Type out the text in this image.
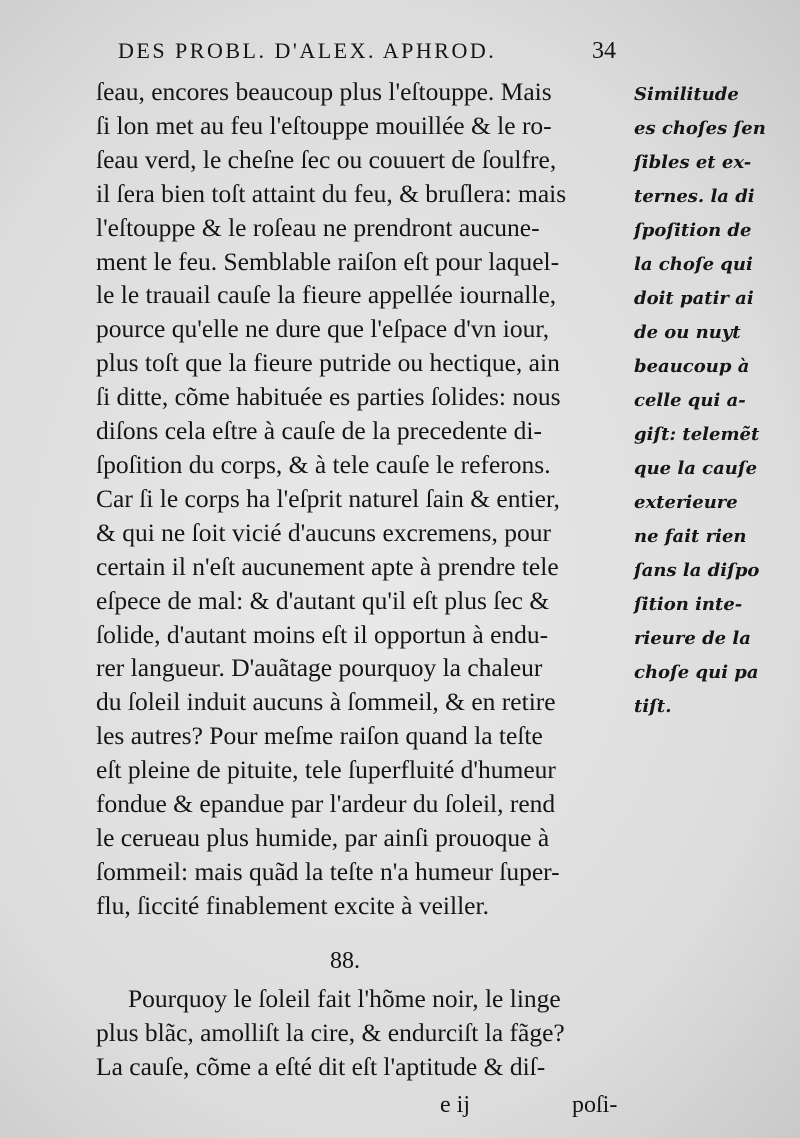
DES PROBL. D'ALEX. APHROD.	34
ſeau, encores beaucoup plus l'eſtouppe. Mais
ſi lon met au feu l'eſtouppe mouillée & le ro-
ſeau verd, le cheſne ſec ou couuert de ſoulfre,
il ſera bien toſt attaint du feu, & bruſlera: mais
l'eſtouppe & le roſeau ne prendront aucune-
ment le feu. Semblable raiſon eſt pour laquel-
le le trauail cauſe la fieure appellée iournalle,
pource qu'elle ne dure que l'eſpace d'vn iour,
plus toſt que la fieure putride ou hectique, ain
ſi ditte, cõme habituée es parties ſolides: nous
diſons cela eſtre à cauſe de la precedente di-
ſpoſition du corps, & à tele cauſe le referons.
Car ſi le corps ha l'eſprit naturel ſain & entier,
& qui ne ſoit vicié d'aucuns excremens, pour
certain il n'eſt aucunement apte à prendre tele
eſpece de mal: & d'autant qu'il eſt plus ſec &
ſolide, d'autant moins eſt il opportun à endu-
rer langueur. D'auãtage pourquoy la chaleur
du ſoleil induit aucuns à ſommeil, & en retire
les autres? Pour meſme raiſon quand la teſte
eſt pleine de pituite, tele ſuperfluité d'humeur
fondue & epandue par l'ardeur du ſoleil, rend
le cerueau plus humide, par ainſi prouoque à
ſommeil: mais quãd la teſte n'a humeur ſuper-
flu, ſiccité finablement excite à veiller.
Similitude
es choſes ſen
ſibles et ex-
ternes. la di
ſpoſition de
la choſe qui
doit patir ai
de ou nuyt
beaucoup à
celle qui a-
giſt: telemẽt
que la cauſe
exterieure
ne fait rien
ſans la diſpo
ſition inte-
rieure de la
choſe qui pa
tiſt.
88.
Pourquoy le ſoleil fait l'hõme noir, le linge
plus blãc, amolliſt la cire, & endurciſt la fãge?
La cauſe, cõme a eſté dit eſt l'aptitude & diſ-
e ij	poſi-
